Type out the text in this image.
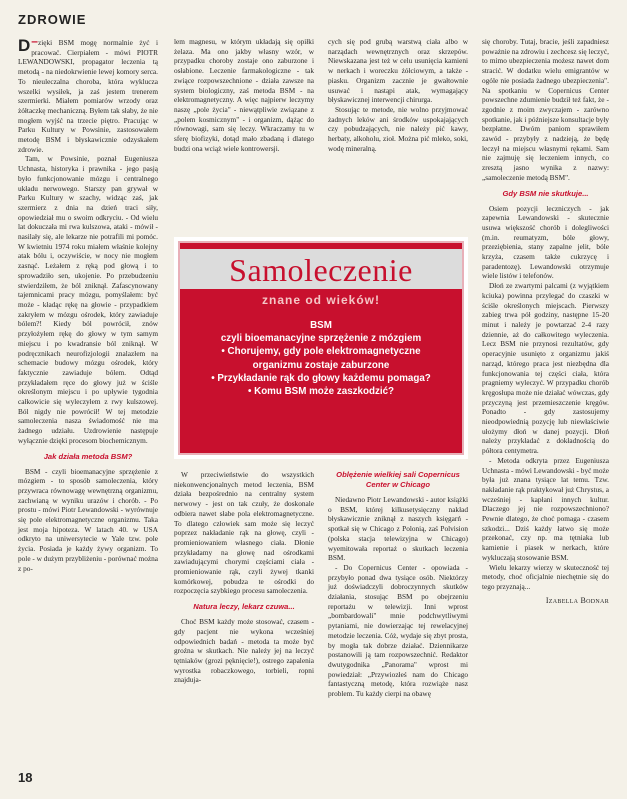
ZDROWIE

–
D zięki BSM mogę normalnie żyć i pracować. Cierpiałem - mówi PIOTR LEWANDOWSKI, propagator leczenia tą metodą - na niedokrwienie lewej komory serca. To nieuleczalna choroba, która wyklucza wszelki wysiłek, ja zaś jestem trenerem szermierki. Miałem pomiarów wrzody oraz żółtaczkę mechaniczną. Byłem tak słaby, że nie mogłem wyjść na trzecie piętro. Pracując w Parku Kultury w Powsinie, zastosowałem metodę BSM i błyskawicznie odzyskałem zdrowie.

Tam, w Powsinie, poznał Eugeniusza Uchnasta, historyka i prawnika - jego pasją było funkcjonowanie mózgu i centralnego układu nerwowego. Starszy pan grywał w Parku Kultury w szachy, widząc zaś, jak szermierz z dnia na dzień traci siły, opowiedział mu o swoim odkryciu. - Od wielu lat dokuczała mi rwa kulszowa, ataki - mówił - nasilały się, ale lekarze nie potrafili mi pomóc. W kwietniu 1974 roku miałem właśnie kolejny atak bólu i, oczywiście, w nocy nie mogłem zasnąć. Leżałem z ręką pod głową i to sprowadziło sen, ukojenie. Po przebudzeniu stwierdziłem, że ból zniknął. Zafascynowany tajemnicami pracy mózgu, pomyślałem: być może - kładąc rękę na głowie - przypadkiem zakryłem w mózgu ośrodek, który zawiaduje bólem?! Kiedy ból powrócił, znów przyłożyłem rękę do głowy w tym samym miejscu i po kwadransie ból zniknął. W podręcznikach neurofizjologii znalazłem na schemacie budowy mózgu ośrodek, który faktycznie zawiaduje bólem. Odtąd przykładałem ręce do głowy już w ściśle określonym miejscu i po upływie tygodnia całkowicie się wyleczyłem z rwy kulszowej. Ból nigdy nie powrócił! W tej metodzie samoleczenia nasza świadomość nie ma żadnego udziału. Uzdrowienie następuje wyłącznie dzięki procesom biochemicznym.

Jak działa metoda BSM?

BSM - czyli bioemanacyjne sprzężenie z mózgiem - to sposób samoleczenia, który przywraca równowagę wewnętrzną organizmu, zachwianą w wyniku urazów i chorób. - Po prostu - mówi Piotr Lewandowski - wyrównuje się pole elektromagnetyczne organizmu. Taka jest moja hipoteza. W latach 40. w USA odkryto na uniwersytecie w Yale tzw. pole życia. Posiada je każdy żywy organizm. To pole - w dużym przybliżeniu - porównać można z po-

lem magnesu, w którym układają się opiłki żelaza. Ma ono jakby własny wzór, w przypadku choroby zostaje ono zaburzone i osłabione. Leczenie farmakologiczne - tak zwiące rozpowszechnione - działa zawsze na system biologiczny, zaś metoda BSM - na elektromagnetyczny. A więc najpierw leczymy naszę „pole życia" - niewątpliwie związane z „polem kosmicznym" - i organizm, dążąc do równowagi, sam się leczy. Wkraczamy tu w sferę biofizyki, dotąd mało zbadaną i dlatego budzi ona wciąż wiele kontrowersji.

cych się pod grubą warstwą ciała albo w narządach wewnętrznych oraz skrzepów. Niewskazana jest też w celu usunięcia kamieni w nerkach i woreczku żółciowym, a także - piasku. Organizm zacznie je gwałtownie usuwać i nastąpi atak, wymagający błyskawicznej interwencji chirurga.

Stosując te metode, nie wolno przyjmować żadnych leków ani środków uspokajających czy pobudzających, nie należy pić kawy, herbaty, alkoholu, zioł. Można pić mleko, soki, wodę mineralną.

się choroby. Tutaj, bracie, jeśli zapadniesz poważnie na zdrowiu i zechcesz się leczyć, to mimo ubezpieczenia możesz nawet dom stracić. W dodatku wielu emigrantów w ogóle nie posiada żadnego ubezpieczenia". Na spotkaniu w Copernicus Center powszechne zdumienie budził też fakt, że - zgodnie z moim zwyczajem - zarówno spotkanie, jak i późniejsze konsultacje były bezpłatne. Dwóm paniom sprawiłem zawód - przybyły z nadzieją, że będę leczył na miejscu własnymi rękami. Sam nie zajmuję się leczeniem innych, co zresztą jasno wynika z nazwy: „samoleczenie metodą BSM".

Gdy BSM nie skutkuje...

Osiem pozycji leczniczych - jak zapewnia Lewandowski - skutecznie usuwa większość chorób i dolegliwości (m.in. reumatyzm, bóle głowy, przeziębienia, stany zapalne jelit, bóle krzyża, czasem także cukrzycę i paradentozę). Lewandowski otrzymuje wiele listów i telefonów.

Dłoń ze zwartymi palcami (z wyjątkiem kciuka) powinna przylegać do czaszki w ściśle określonych miejscach. Pierwszy zabieg trwa pół godziny, następne 15-20 minut i należy je powtarzać 2-4 razy dziennie, aż do całkowitego wyleczenia. Lecz BSM nie przynosi rezultatów, gdy operacyjnie usunięto z organizmu jakiś narząd, którego praca jest niezbędna dla funkcjonowania tej części ciała, która pragniemy wyleczyć. W przypadku chorób kręgosłupa może nie działać wówczas, gdy przyczyną jest przemieszczenie kręgów. Ponadto - gdy zastosujemy nieodpowiednią pozycję lub niewłaściwie ułożymy dłoń w danej pozycji. Dłoń należy przykładać z dokładnością do półtora centymetra.

- Metoda odkryta przez Eugeniusza Uchnasta - mówi Lewandowski - być może była już znana tysiące lat temu. Tzw. nakładanie rąk praktykował już Chrystus, a wcześniej - kapłani innych kultur. Dlaczego jej nie rozpowszechniono? Pewnie dlatego, że choć pomaga - czasem szkodzi... Dziś każdy łatwo się może przekonać, czy np. ma tętniaka lub kamienie i piasek w nerkach, które wykluczają stosowanie BSM.

Wielu lekarzy wierzy w skuteczność tej metody, choć oficjalnie niechętnie się do tego przyznają...

Izabella Bodnar
Samoleczenie
znane od wieków!
BSM
czyli bioemanacyjne sprzężenie z mózgiem
• Chorujemy, gdy pole elektromagnetyczne
organizmu zostaje zaburzone
• Przykładanie rąk do głowy każdemu pomaga?
• Komu BSM może zaszkodzić?

W przeciwieństwie do wszystkich niekonwencjonalnych metod leczenia, BSM działa bezpośrednio na centralny system nerwowy - jest on tak czuły, że doskonale odbiera nawet słabe pola elektromagnetyczne. To dlatego człowiek sam może się leczyć poprzez nakładanie rąk na głowę, czyli - promieniowaniem własnego ciała. Dłonie przykładamy na głowę nad ośrodkami zawiadującymi chorymi częściami ciała - promieniowanie rąk, czyli żywej tkanki komórkowej, pobudza te ośrodki do rozpoczęcia szybkiego procesu samoleczenia.

Natura leczy, lekarz czuwa...

Choć BSM każdy może stosować, czasem - gdy pacjent nie wykona wcześniej odpowiednich badań - metoda ta może być groźna w skutkach. Nie należy jej na leczyć tętniaków (grozi pęknięcie!), ostrego zapalenia wyrostka robaczkowego, torbieli, ropni znajduja-

Oblężenie wielkiej sali Copernicus Center w Chicago

Niedawno Piotr Lewandowski - autor książki o BSM, której kilkusetysięczny nakład błyskawicznie zniknął z naszych księgarń - spotkał się w Chicago z Polonią, zaś Polvision (polska stacja telewizyjna w Chicago) wyemitowała reportaż o skutkach leczenia BSM.

- Do Copernicus Center - opowiada - przybyło ponad dwa tysiące osób. Niektórzy już doświadczyli dobroczynnych skutków działania, stosując BSM po obejrzeniu reportażu w telewizji. Inni wprost „bombardowali" mnie podchwytliwymi pytaniami, nie dowierzając tej rewelacyjnej metodzie leczenia. Cóż, wydaje się zbyt prosta, by mogła tak dobrze działać. Dziennikarze postanowili ją tam rozpowszechnić. Redaktor dwutygodnika „Panorama" wprost mi powiedział: „Przywiozłeś nam do Chicago fantastyczną metodę, która rozwiąże nasz problem. Tu każdy cierpi na obawę

18
